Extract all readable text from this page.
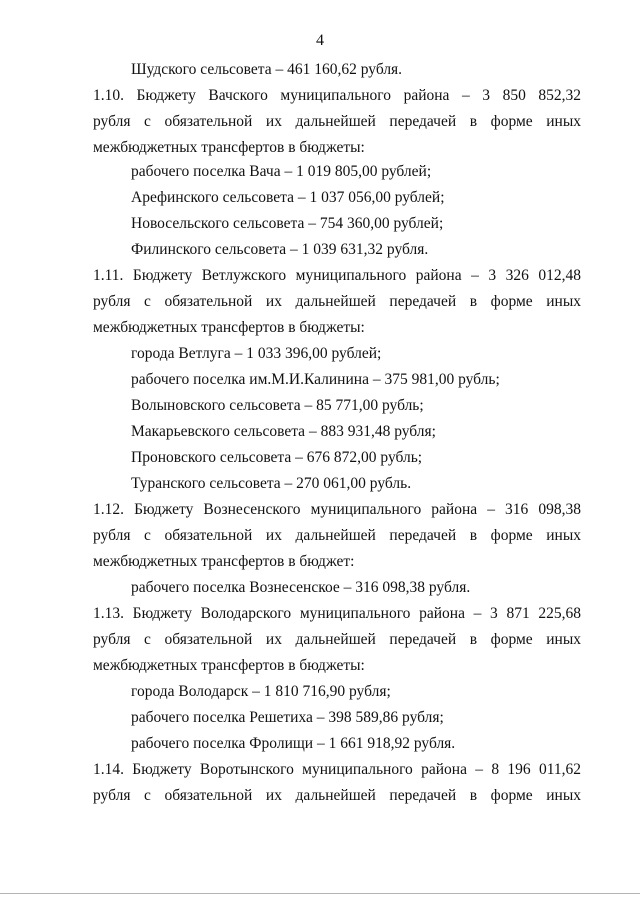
4
Шудского сельсовета – 461 160,62 рубля.
1.10. Бюджету Вачского муниципального района – 3 850 852,32
рубля с обязательной их дальнейшей передачей в форме иных
межбюджетных трансфертов в бюджеты:
рабочего поселка Вача – 1 019 805,00 рублей;
Арефинского сельсовета – 1 037 056,00 рублей;
Новосельского сельсовета – 754 360,00 рублей;
Филинского сельсовета – 1 039 631,32 рубля.
1.11. Бюджету Ветлужского муниципального района – 3 326 012,48
рубля с обязательной их дальнейшей передачей в форме иных
межбюджетных трансфертов в бюджеты:
города Ветлуга – 1 033 396,00 рублей;
рабочего поселка им.М.И.Калинина – 375 981,00 рубль;
Волыновского сельсовета – 85 771,00 рубль;
Макарьевского сельсовета – 883 931,48 рубля;
Проновского сельсовета – 676 872,00 рубль;
Туранского сельсовета – 270 061,00 рубль.
1.12. Бюджету Вознесенского муниципального района – 316 098,38
рубля с обязательной их дальнейшей передачей в форме иных
межбюджетных трансфертов в бюджет:
рабочего поселка Вознесенское – 316 098,38 рубля.
1.13. Бюджету Володарского муниципального района – 3 871 225,68
рубля с обязательной их дальнейшей передачей в форме иных
межбюджетных трансфертов в бюджеты:
города Володарск – 1 810 716,90 рубля;
рабочего поселка Решетиха – 398 589,86 рубля;
рабочего поселка Фролищи – 1 661 918,92 рубля.
1.14. Бюджету Воротынского муниципального района – 8 196 011,62
рубля с обязательной их дальнейшей передачей в форме иных
